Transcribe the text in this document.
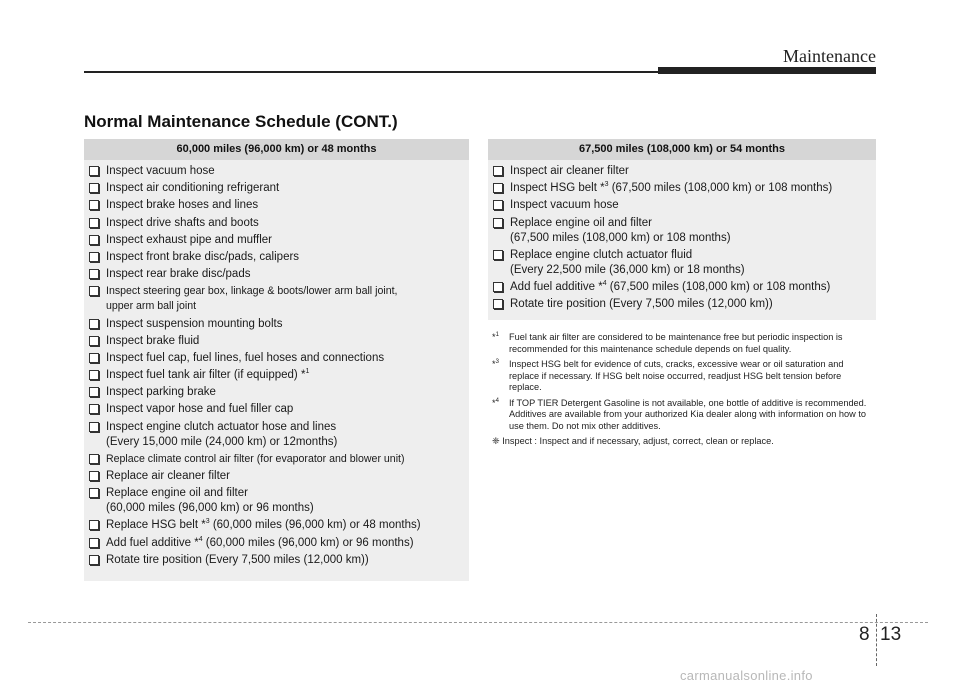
Maintenance
Normal Maintenance Schedule (CONT.)
60,000 miles (96,000 km) or 48 months
Inspect vacuum hose
Inspect air conditioning refrigerant
Inspect brake hoses and lines
Inspect drive shafts and boots
Inspect exhaust pipe and muffler
Inspect front brake disc/pads, calipers
Inspect rear brake disc/pads
Inspect steering gear box, linkage & boots/lower arm ball joint,
upper arm ball joint
Inspect suspension mounting bolts
Inspect brake fluid
Inspect fuel cap, fuel lines, fuel hoses and connections
Inspect fuel tank air filter (if equipped) *$^1$
Inspect parking brake
Inspect vapor hose and fuel filler cap
Inspect engine clutch actuator hose and lines
(Every 15,000 mile (24,000 km) or 12months)
Replace climate control air filter (for evaporator and blower unit)
Replace air cleaner filter
Replace engine oil and filter
(60,000 miles (96,000 km) or 96 months)
Replace HSG belt *$^3$ (60,000 miles (96,000 km) or 48 months)
Add fuel additive *$^4$ (60,000 miles (96,000 km) or 96 months)
Rotate tire position (Every 7,500 miles (12,000 km))
67,500 miles (108,000 km) or 54 months
Inspect air cleaner filter
Inspect HSG belt *$^3$ (67,500 miles (108,000 km) or 108 months)
Inspect vacuum hose
Replace engine oil and filter
(67,500 miles (108,000 km) or 108 months)
Replace engine clutch actuator fluid
(Every 22,500 mile (36,000 km) or 18 months)
Add fuel additive *$^4$ (67,500 miles (108,000 km) or 108 months)
Rotate tire position (Every 7,500 miles (12,000 km))
*$^1$ Fuel tank air filter are considered to be maintenance free but periodic inspection is recommended for this maintenance schedule depends on fuel quality.
*$^3$ Inspect HSG belt for evidence of cuts, cracks, excessive wear or oil saturation and replace if necessary. If HSG belt noise occurred, readjust HSG belt tension before replace.
*$^4$ If TOP TIER Detergent Gasoline is not available, one bottle of additive is recommended. Additives are available from your authorized Kia dealer along with information on how to use them. Do not mix other additives.
❈ Inspect : Inspect and if necessary, adjust, correct, clean or replace.
8 13
carmanualsonline.info
